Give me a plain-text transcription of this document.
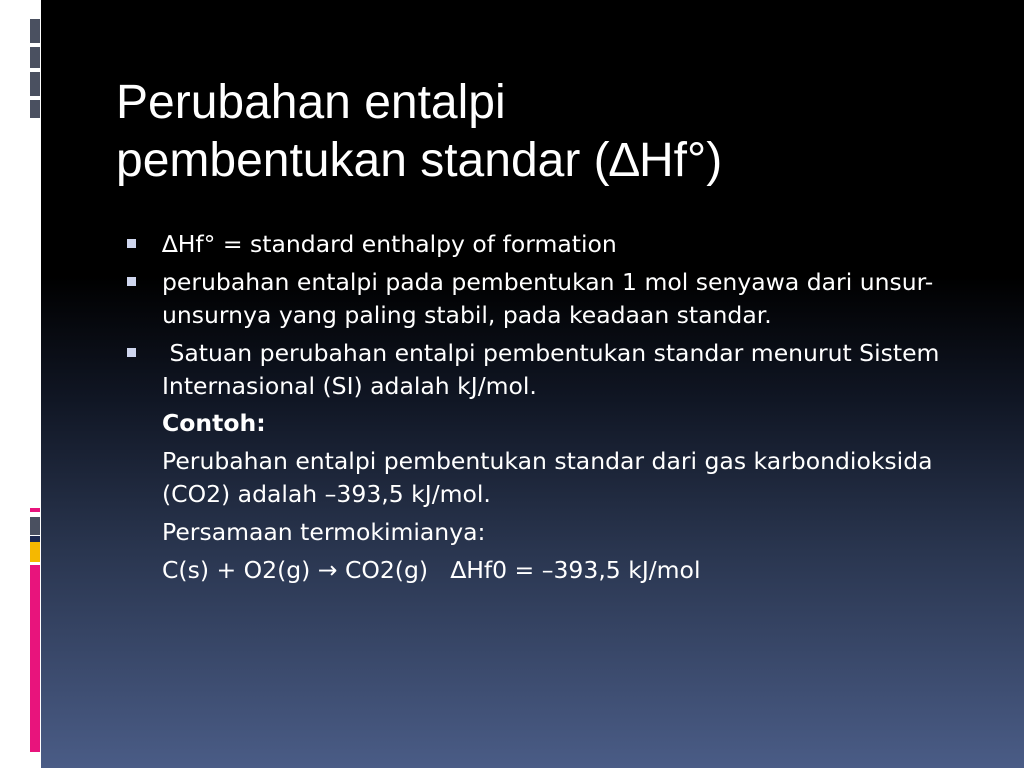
Perubahan entalpi
pembentukan standar (∆Hf°)
∆Hf° = standard enthalpy of formation
perubahan entalpi pada pembentukan 1 mol senyawa dari unsur-unsurnya yang paling stabil, pada keadaan standar.
Satuan perubahan entalpi pembentukan standar menurut Sistem Internasional (SI) adalah kJ/mol.
Contoh:
Perubahan entalpi pembentukan standar dari gas karbondioksida (CO2) adalah –393,5 kJ/mol.
Persamaan termokimianya:
C(s) + O2(g) → CO2(g)   ∆Hf0 = –393,5 kJ/mol
